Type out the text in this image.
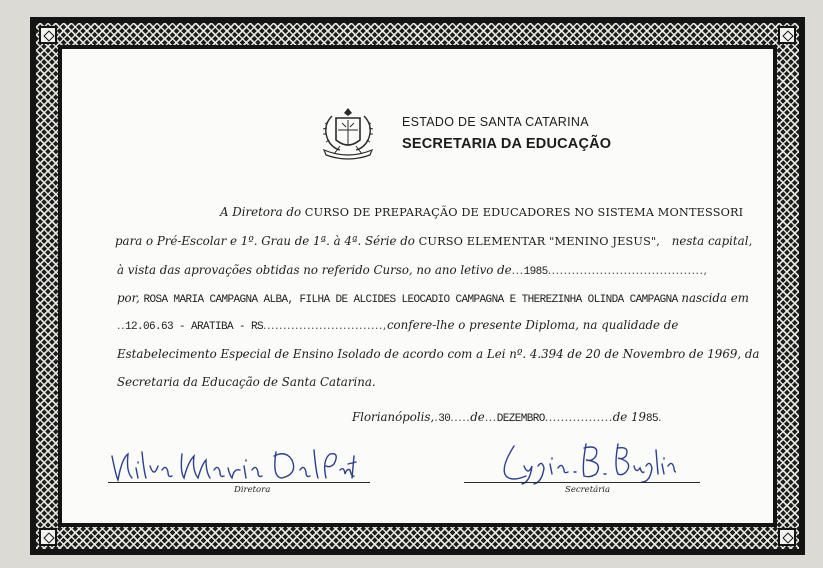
ESTADO DE SANTA CATARINA
SECRETARIA DA EDUCAÇÃO
A Diretora do CURSO DE PREPARAÇÃO DE EDUCADORES NO SISTEMA MONTESSORI
para o Pré-Escolar e 1º. Grau de 1ª. à 4ª. Série do CURSO ELEMENTAR "MENINO JESUS", nesta capital,
à vista das aprovações obtidas no referido Curso, no ano letivo de...1985.......................................,
por, ROSA MARIA CAMPAGNA ALBA, FILHA DE ALCIDES LEOCADIO CAMPAGNA E THEREZINHA OLINDA CAMPAGNA nascida em
..12.06.63 - ARATIBA - RS..............................,confere-lhe o presente Diploma, na qualidade de
Estabelecimento Especial de Ensino Isolado de acordo com a Lei nº. 4.394 de 20 de Novembro de 1969, da
Secretaria da Educação de Santa Catarina.
Florianópolis,.30.....de...DEZEMBRO.................de 1985.
Diretora	Secretária
